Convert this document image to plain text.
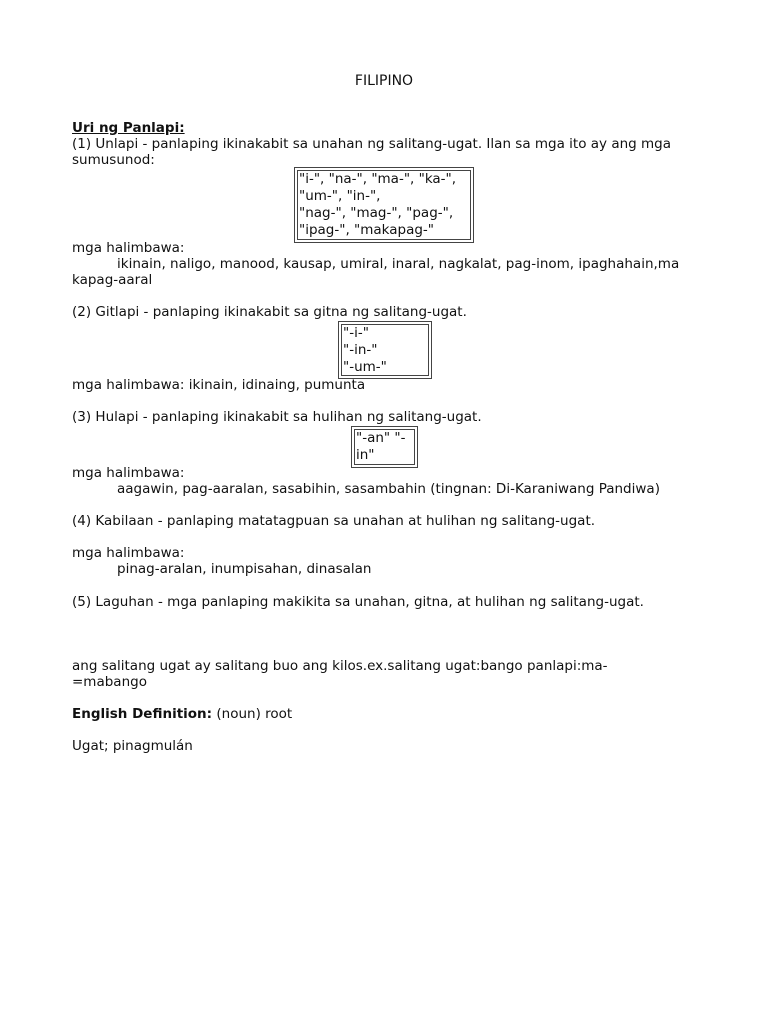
FILIPINO
Uri ng Panlapi:
(1) Unlapi - panlaping ikinakabit sa unahan ng salitang-ugat. Ilan sa mga ito ay ang mga
sumusunod:
"i-", "na-", "ma-", "ka-",
"um-", "in-",
"nag-", "mag-", "pag-",
"ipag-", "makapag-"
mga halimbawa:
ikinain, naligo, manood, kausap, umiral, inaral, nagkalat, pag-inom, ipaghahain,ma
kapag-aaral
(2) Gitlapi - panlaping ikinakabit sa gitna ng salitang-ugat.
"-i-"
"-in-"
"-um-"
mga halimbawa: ikinain, idinaing, pumunta
(3) Hulapi - panlaping ikinakabit sa hulihan ng salitang-ugat.
"-an" "-
in"
mga halimbawa:
aagawin, pag-aaralan, sasabihin, sasambahin (tingnan: Di-Karaniwang Pandiwa)
(4) Kabilaan - panlaping matatagpuan sa unahan at hulihan ng salitang-ugat.
mga halimbawa:
pinag-aralan, inumpisahan, dinasalan
(5) Laguhan - mga panlaping makikita sa unahan, gitna, at hulihan ng salitang-ugat.
ang salitang ugat ay salitang buo ang kilos.ex.salitang ugat:bango panlapi:ma-
=mabango
English Definition: (noun) root
Ugat; pinagmulán
